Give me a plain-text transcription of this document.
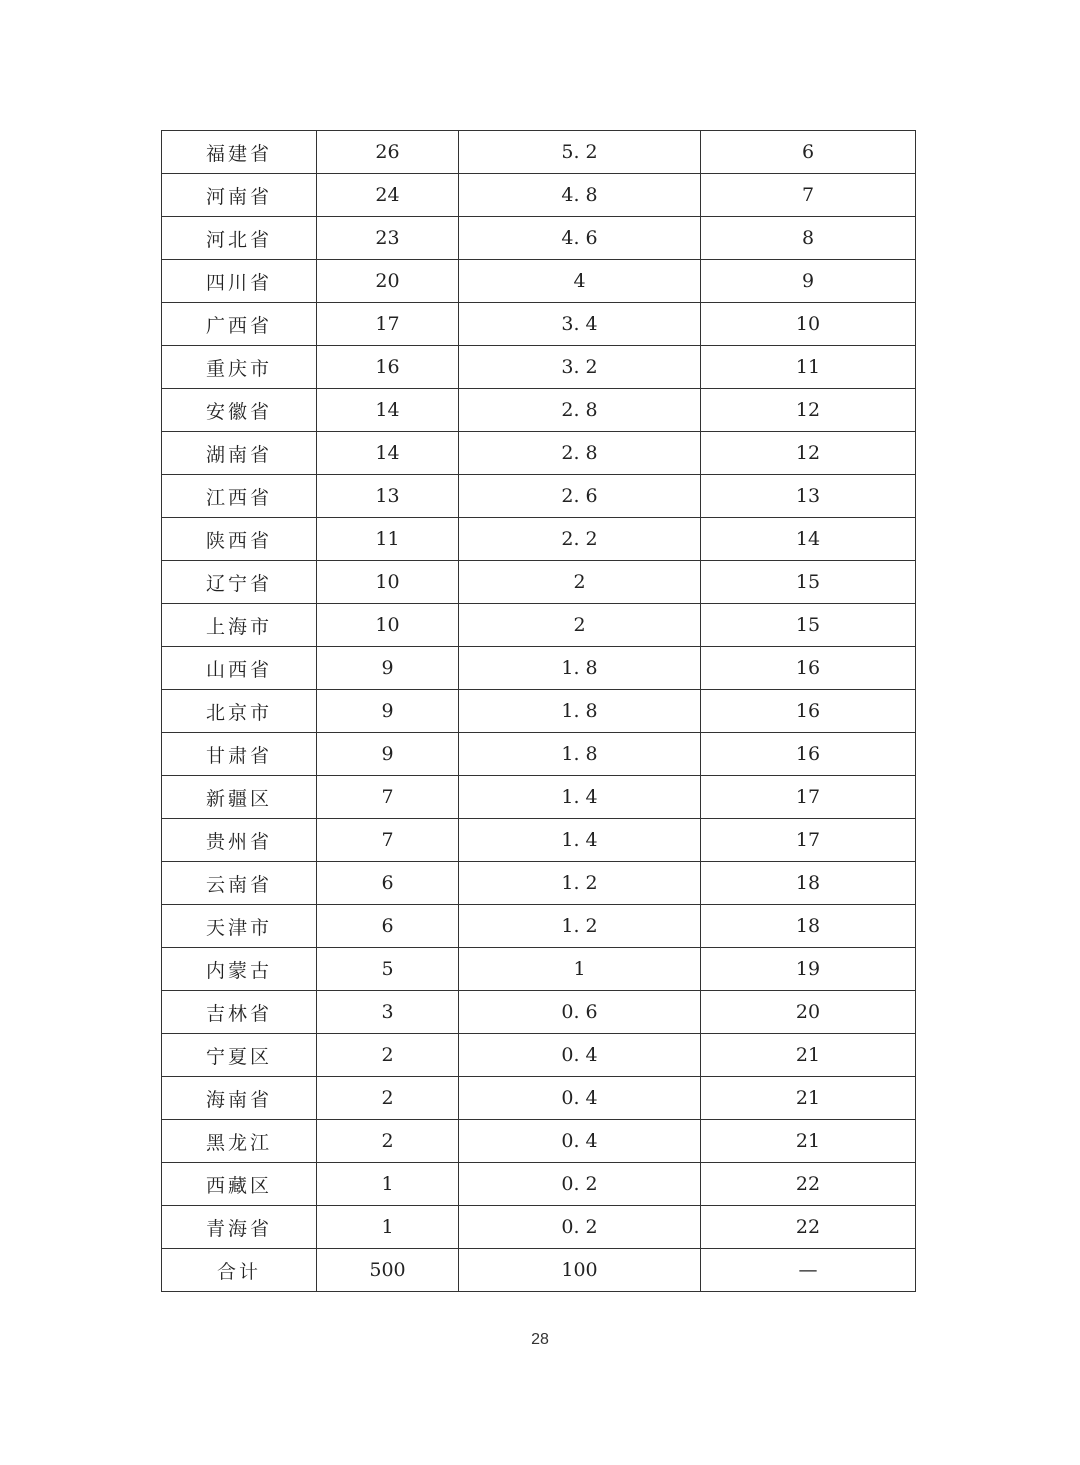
福建省	26	5. 2	6
河南省	24	4. 8	7
河北省	23	4. 6	8
四川省	20	4	9
广西省	17	3. 4	10
重庆市	16	3. 2	11
安徽省	14	2. 8	12
湖南省	14	2. 8	12
江西省	13	2. 6	13
陕西省	11	2. 2	14
辽宁省	10	2	15
上海市	10	2	15
山西省	9	1. 8	16
北京市	9	1. 8	16
甘肃省	9	1. 8	16
新疆区	7	1. 4	17
贵州省	7	1. 4	17
云南省	6	1. 2	18
天津市	6	1. 2	18
内蒙古	5	1	19
吉林省	3	0. 6	20
宁夏区	2	0. 4	21
海南省	2	0. 4	21
黑龙江	2	0. 4	21
西藏区	1	0. 2	22
青海省	1	0. 2	22
合计	500	100	—
28
